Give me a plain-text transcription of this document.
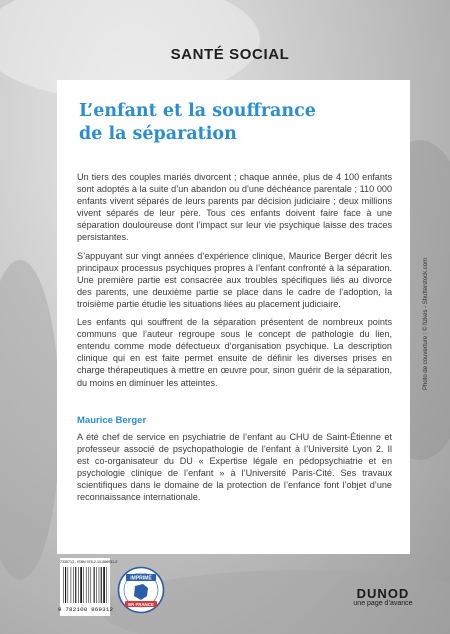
SANTÉ SOCIAL
L’enfant et la souffrance
de la séparation

Un tiers des couples mariés divorcent ; chaque année, plus de 4 100 enfants sont adoptés à la suite d’un abandon ou d’une déchéance parentale ; 110 000 enfants vivent séparés de leurs parents par décision judiciaire ; deux millions vivent séparés de leur père. Tous ces enfants doivent faire face à une séparation douloureuse dont l’impact sur leur vie psychique laisse des traces persistantes.

S’appuyant sur vingt années d’expérience clinique, Maurice Berger décrit les principaux processus psychiques propres à l’enfant confronté à la séparation. Une première partie est consacrée aux troubles spécifiques liés au divorce des parents, une deuxième partie se place dans le cadre de l’adoption, la troisième partie étudie les situations liées au placement judiciaire.

Les enfants qui souffrent de la séparation présentent de nombreux points communs que l’auteur regroupe sous le concept de pathologie du lien, entendu comme mode défectueux d’organisation psychique. La description clinique qui en est faite permet ensuite de définir les diverses prises en charge thérapeutiques à mettre en œuvre pour, sinon guérir de la séparation, du moins en diminuer les atteintes.

Maurice Berger
A été chef de service en psychiatrie de l’enfant au CHU de Saint-Étienne et professeur associé de psychopathologie de l’enfant à l’Université Lyon 2. Il est co-organisateur du DU « Expertise légale en pédopsychiatrie et en psychologie clinique de l’enfant » à l’Université Paris-Cité. Ses travaux scientifiques dans le domaine de la protection de l’enfance font l’objet d’une reconnaissance internationale.
Photo de couverture : © fizkes - Shutterstock.com
7335713 - ISBN 978-2-10-086931-2
9 782100 869312
IMPRIMÉ
EN FRANCE
DUNOD
une page d’avance
